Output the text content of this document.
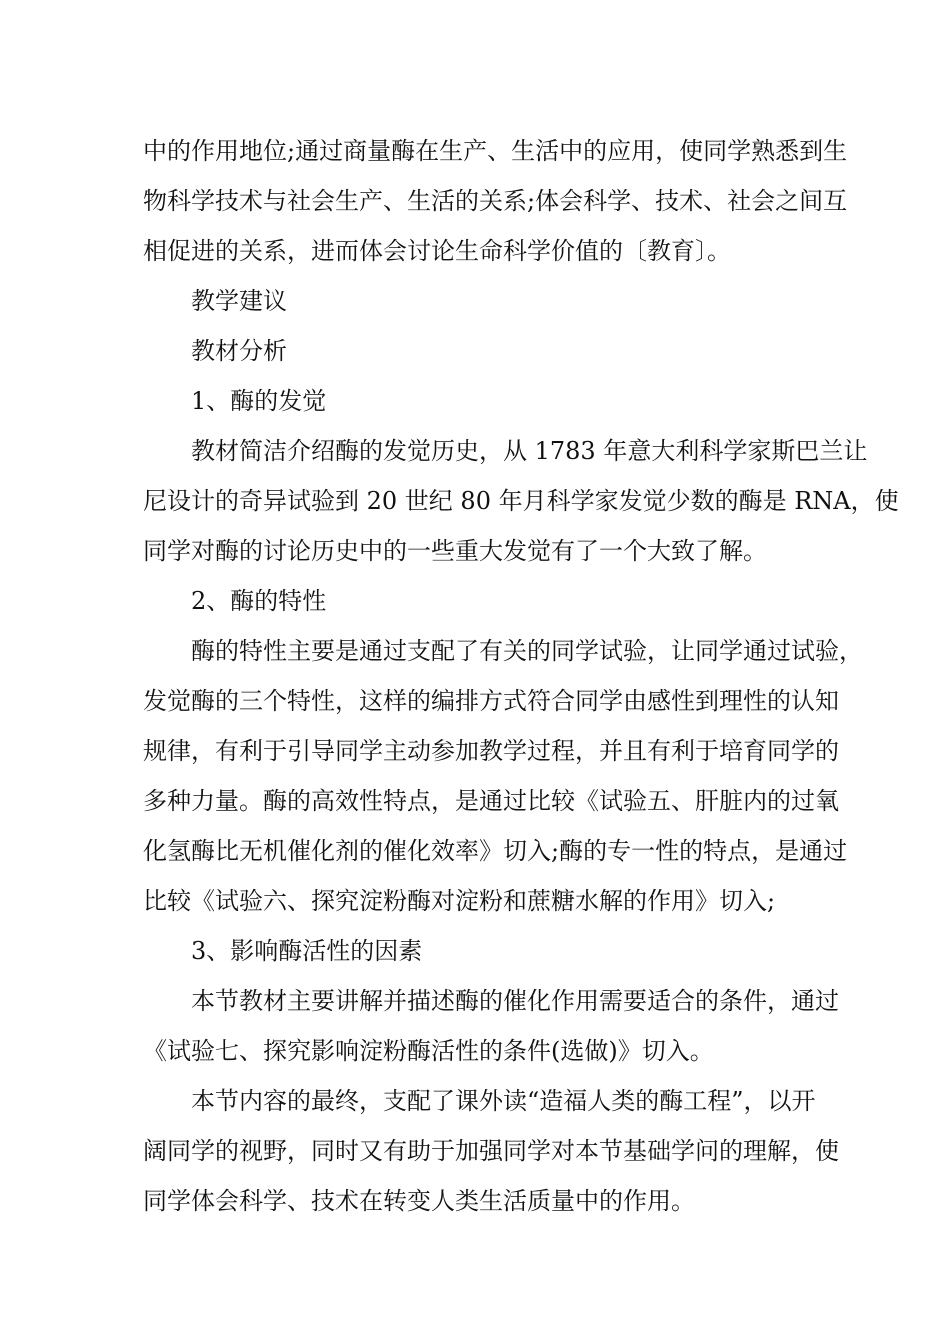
中的作用地位;通过商量酶在生产、生活中的应用，使同学熟悉到生
物科学技术与社会生产、生活的关系;体会科学、技术、社会之间互
相促进的关系，进而体会讨论生命科学价值的〔教育〕。
教学建议
教材分析
1、酶的发觉
教材简洁介绍酶的发觉历史，从 1783 年意大利科学家斯巴兰让
尼设计的奇异试验到 20 世纪 80 年月科学家发觉少数的酶是 RNA，使
同学对酶的讨论历史中的一些重大发觉有了一个大致了解。
2、酶的特性
酶的特性主要是通过支配了有关的同学试验，让同学通过试验，
发觉酶的三个特性，这样的编排方式符合同学由感性到理性的认知
规律，有利于引导同学主动参加教学过程，并且有利于培育同学的
多种力量。酶的高效性特点，是通过比较《试验五、肝脏内的过氧
化氢酶比无机催化剂的催化效率》切入;酶的专一性的特点，是通过
比较《试验六、探究淀粉酶对淀粉和蔗糖水解的作用》切入;
3、影响酶活性的因素
本节教材主要讲解并描述酶的催化作用需要适合的条件，通过
《试验七、探究影响淀粉酶活性的条件(选做)》切入。
本节内容的最终，支配了课外读“造福人类的酶工程”，以开
阔同学的视野，同时又有助于加强同学对本节基础学问的理解，使
同学体会科学、技术在转变人类生活质量中的作用。
